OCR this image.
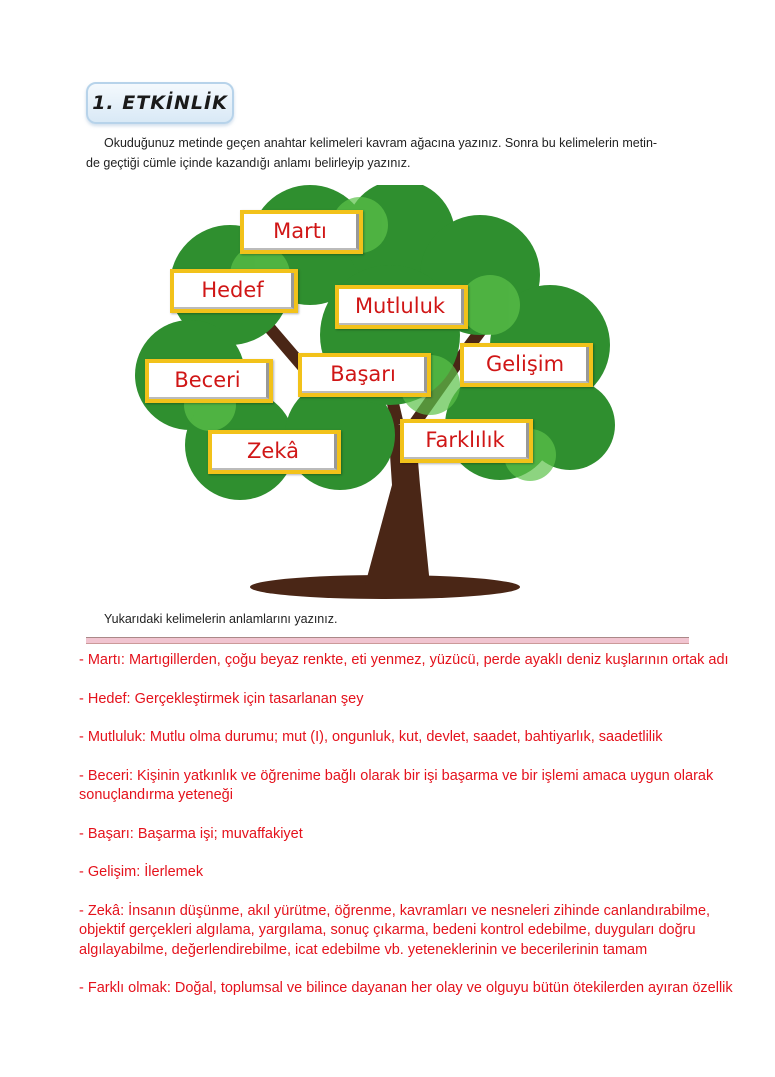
1. ETKİNLİK
Okuduğunuz metinde geçen anahtar kelimeleri kavram ağacına yazınız. Sonra bu kelimelerin metin-
de geçtiği cümle içinde kazandığı anlamı belirleyip yazınız.
Martı
Hedef
Mutluluk
Beceri	Başarı	Gelişim
Zekâ	Farklılık
Yukarıdaki kelimelerin anlamlarını yazınız.

- Martı: Martıgillerden, çoğu beyaz renkte, eti yenmez, yüzücü, perde ayaklı deniz kuşlarının ortak adı

- Hedef: Gerçekleştirmek için tasarlanan şey

- Mutluluk: Mutlu olma durumu; mut (I), ongunluk, kut, devlet, saadet, bahtiyarlık, saadetlilik

- Beceri: Kişinin yatkınlık ve öğrenime bağlı olarak bir işi başarma ve bir işlemi amaca uygun olarak sonuçlandırma yeteneği

- Başarı: Başarma işi; muvaffakiyet

- Gelişim: İlerlemek

- Zekâ: İnsanın düşünme, akıl yürütme, öğrenme, kavramları ve nesneleri zihinde canlandırabilme, objektif gerçekleri algılama, yargılama, sonuç çıkarma, bedeni kontrol edebilme, duyguları doğru algılayabilme, değerlendirebilme, icat edebilme vb. yeteneklerinin ve becerilerinin tamam

- Farklı olmak: Doğal, toplumsal ve bilince dayanan her olay ve olguyu bütün ötekilerden ayıran özellik
